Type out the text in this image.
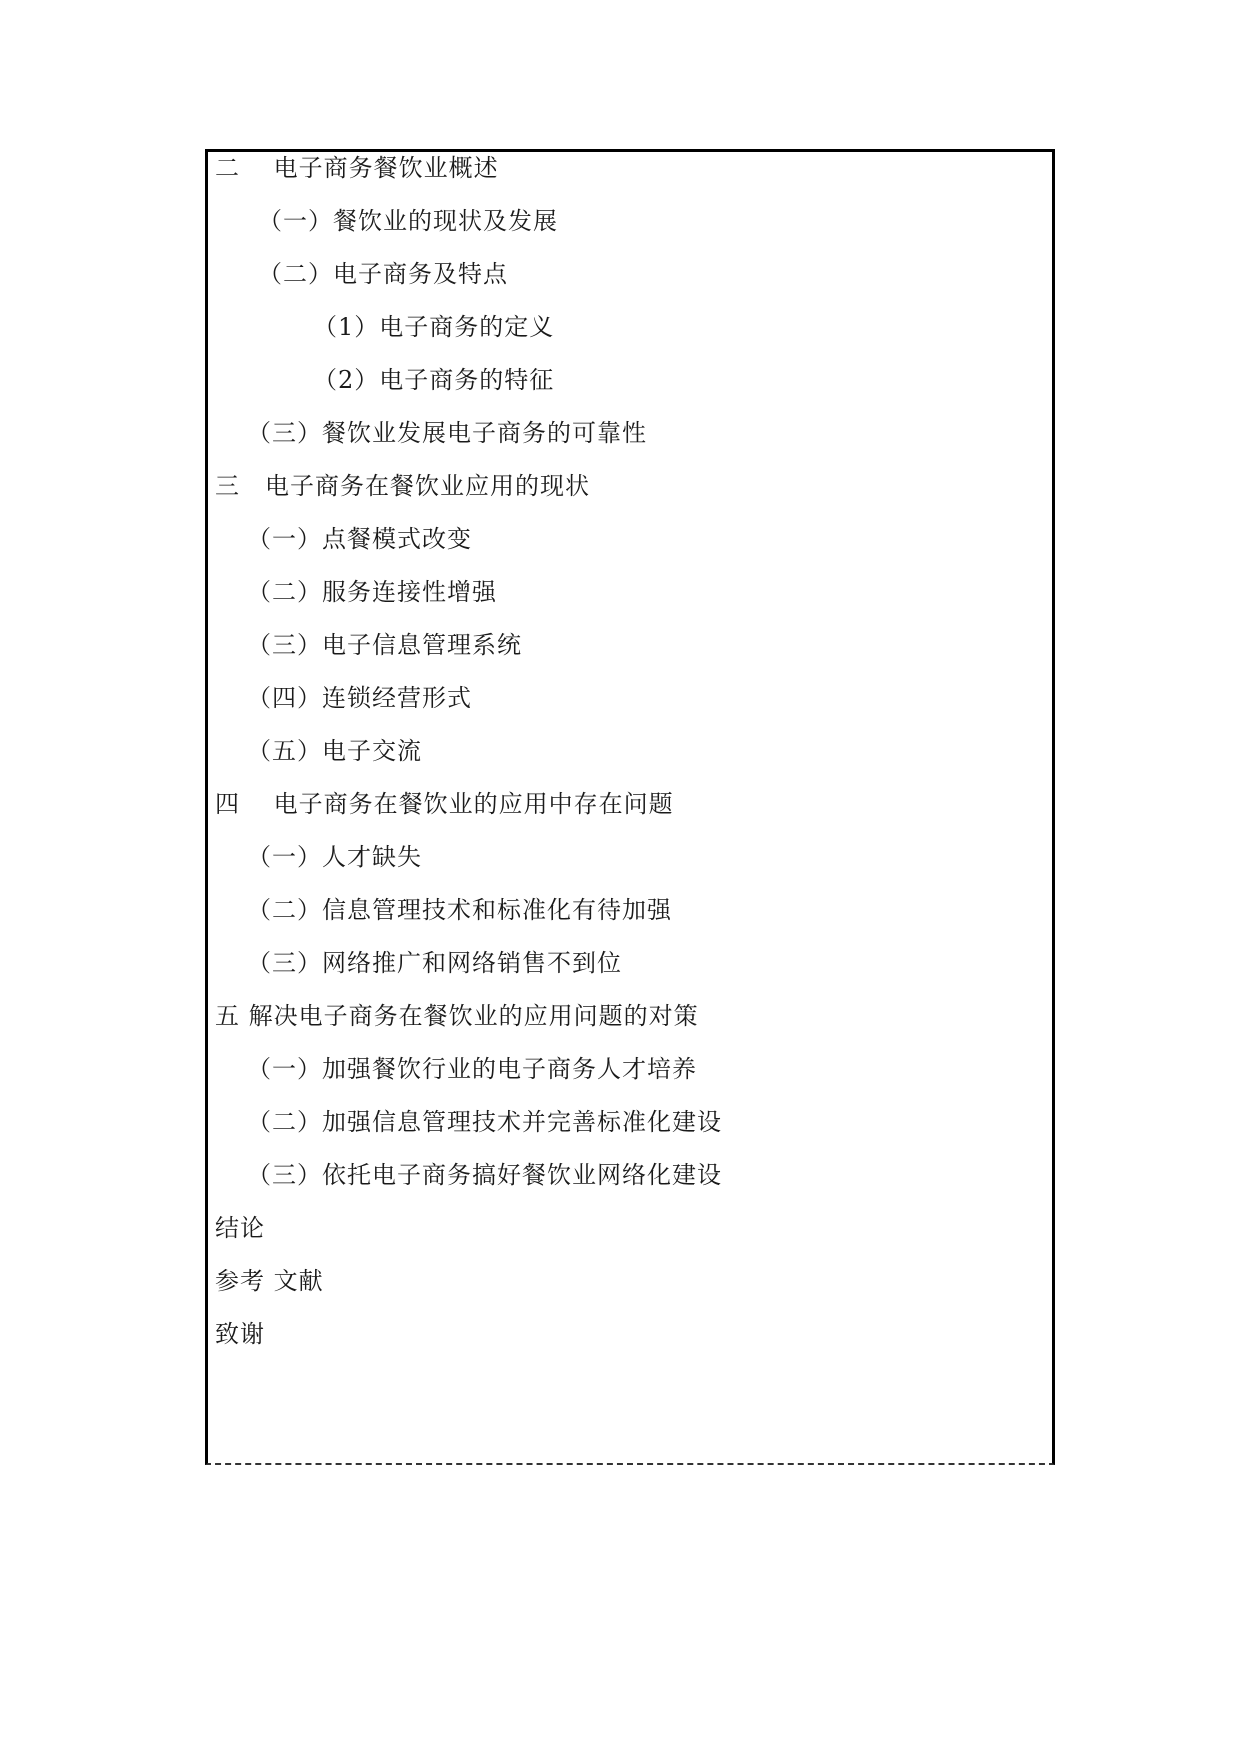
二　 电子商务餐饮业概述
（一）餐饮业的现状及发展
（二）电子商务及特点
（1）电子商务的定义
（2）电子商务的特征
（三）餐饮业发展电子商务的可靠性
三　电子商务在餐饮业应用的现状
（一）点餐模式改变
（二）服务连接性增强
（三）电子信息管理系统
（四）连锁经营形式
（五）电子交流
四　 电子商务在餐饮业的应用中存在问题
（一）人才缺失
（二）信息管理技术和标准化有待加强
（三）网络推广和网络销售不到位
五 解决电子商务在餐饮业的应用问题的对策
（一）加强餐饮行业的电子商务人才培养
（二）加强信息管理技术并完善标准化建设
（三）依托电子商务搞好餐饮业网络化建设
结论
参考 文献
致谢
